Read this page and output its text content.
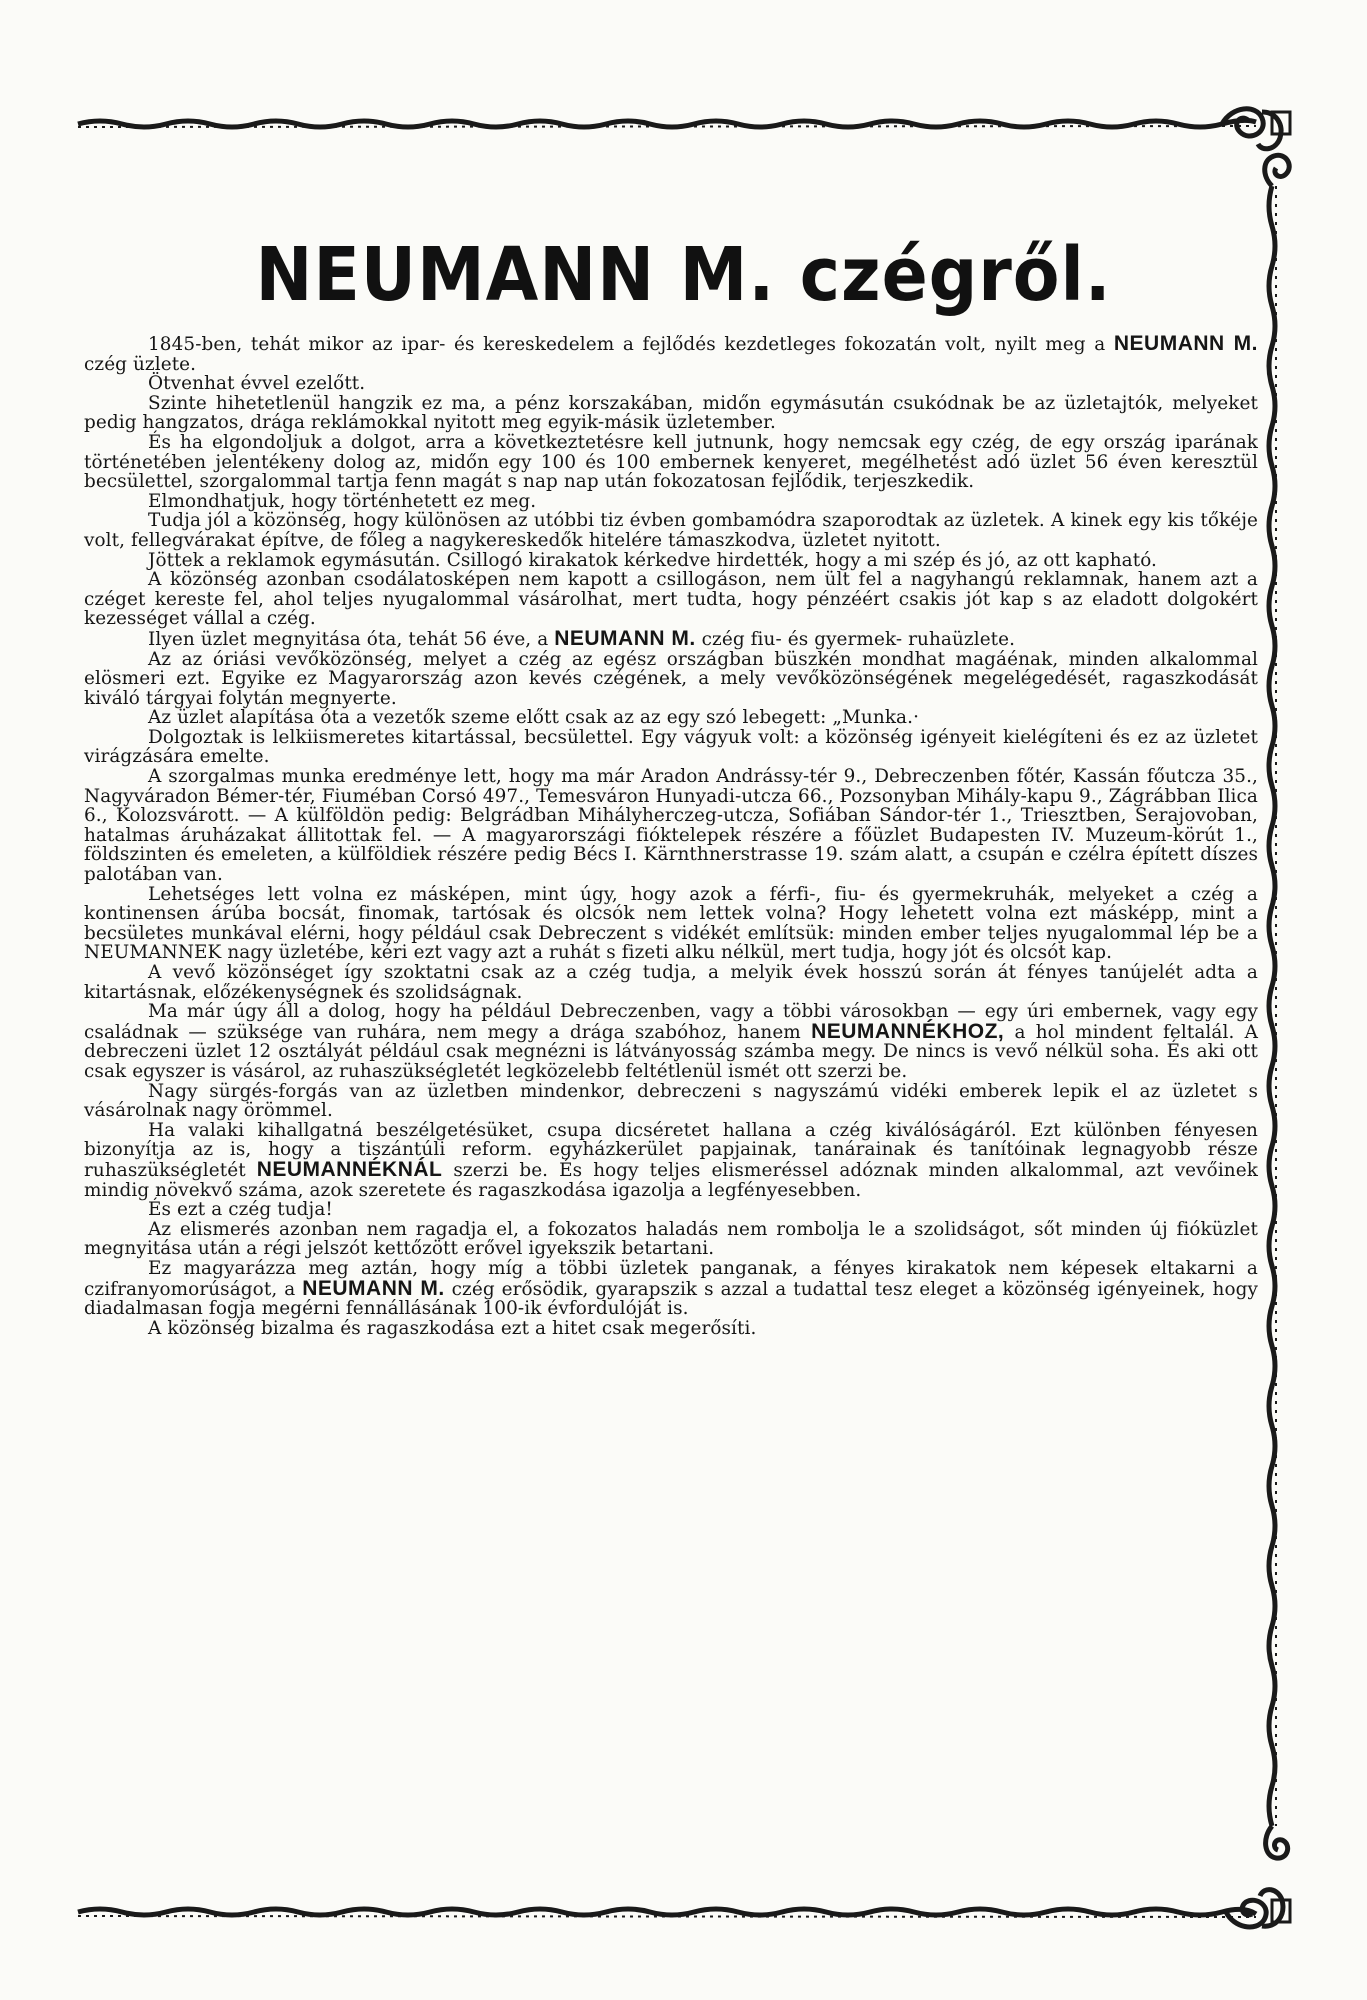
NEUMANN M. czégről.

1845-ben, tehát mikor az ipar- és kereskedelem a fejlődés kezdetleges fokozatán volt, nyilt meg a NEUMANN M. czég üzlete.

Ötvenhat évvel ezelőtt.

Szinte hihetetlenül hangzik ez ma, a pénz korszakában, midőn egymásután csukódnak be az üzletajtók, melyeket pedig hangzatos, drága reklámokkal nyitott meg egyik-másik üzletember.

És ha elgondoljuk a dolgot, arra a következtetésre kell jutnunk, hogy nemcsak egy czég, de egy ország iparának történetében jelentékeny dolog az, midőn egy 100 és 100 embernek kenyeret, megélhetést adó üzlet 56 éven keresztül becsülettel, szorgalommal tartja fenn magát s nap nap után fokozatosan fejlődik, terjeszkedik.

Elmondhatjuk, hogy történhetett ez meg.

Tudja jól a közönség, hogy különösen az utóbbi tiz évben gombamódra szaporodtak az üzletek. A kinek egy kis tőkéje volt, fellegvárakat építve, de főleg a nagykereskedők hitelére támaszkodva, üzletet nyitott.

Jöttek a reklamok egymásután. Csillogó kirakatok kérkedve hirdették, hogy a mi szép és jó, az ott kapható.

A közönség azonban csodálatosképen nem kapott a csillogáson, nem ült fel a nagyhangú reklamnak, hanem azt a czéget kereste fel, ahol teljes nyugalommal vásárolhat, mert tudta, hogy pénzéért csakis jót kap s az eladott dolgokért kezességet vállal a czég.

Ilyen üzlet megnyitása óta, tehát 56 éve, a NEUMANN M. czég fiu- és gyermek- ruhaüzlete.

Az az óriási vevőközönség, melyet a czég az egész országban büszkén mondhat magáénak, minden alkalommal elösmeri ezt. Egyike ez Magyarország azon kevés czégének, a mely vevőközönségének megelégedését, ragaszkodását kiváló tárgyai folytán megnyerte.

Az üzlet alapítása óta a vezetők szeme előtt csak az az egy szó lebegett: „Munka.·

Dolgoztak is lelkiismeretes kitartással, becsülettel. Egy vágyuk volt: a közönség igényeit kielégíteni és ez az üzletet virágzására emelte.

A szorgalmas munka eredménye lett, hogy ma már Aradon Andrássy-tér 9., Debreczenben főtér, Kassán főutcza 35., Nagyváradon Bémer-tér, Fiuméban Corsó 497., Temesváron Hunyadi-utcza 66., Pozsonyban Mihály-kapu 9., Zágrábban Ilica 6., Kolozsvárott. — A külföldön pedig: Belgrádban Mihályherczeg-utcza, Sofiában Sándor-tér 1., Triesztben, Serajovoban, hatalmas áruházakat állitottak fel. — A magyarországi fióktelepek részére a főüzlet Budapesten IV. Muzeum-körút 1., földszinten és emeleten, a külföldiek részére pedig Bécs I. Kärnthnerstrasse 19. szám alatt, a csupán e czélra épített díszes palotában van.

Lehetséges lett volna ez másképen, mint úgy, hogy azok a férfi-, fiu- és gyermekruhák, melyeket a czég a kontinensen árúba bocsát, finomak, tartósak és olcsók nem lettek volna? Hogy lehetett volna ezt másképp, mint a becsületes munkával elérni, hogy például csak Debreczent s vidékét említsük: minden ember teljes nyugalommal lép be a NEUMANNEK nagy üzletébe, kéri ezt vagy azt a ruhát s fizeti alku nélkül, mert tudja, hogy jót és olcsót kap.

A vevő közönséget így szoktatni csak az a czég tudja, a melyik évek hosszú során át fényes tanújelét adta a kitartásnak, előzékenységnek és szolidságnak.

Ma már úgy áll a dolog, hogy ha például Debreczenben, vagy a többi városokban — egy úri embernek, vagy egy családnak — szüksége van ruhára, nem megy a drága szabóhoz, hanem NEUMANNÉKHOZ, a hol mindent feltalál. A debreczeni üzlet 12 osztályát például csak megnézni is látványosság számba megy. De nincs is vevő nélkül soha. És aki ott csak egyszer is vásárol, az ruhaszükségletét legközelebb feltétlenül ismét ott szerzi be.

Nagy sürgés-forgás van az üzletben mindenkor, debreczeni s nagyszámú vidéki emberek lepik el az üzletet s vásárolnak nagy örömmel.

Ha valaki kihallgatná beszélgetésüket, csupa dicséretet hallana a czég kiválóságáról. Ezt különben fényesen bizonyítja az is, hogy a tiszántúli reform. egyházkerület papjainak, tanárainak és tanítóinak legnagyobb része ruhaszükségletét NEUMANNÉKNÁL szerzi be. És hogy teljes elismeréssel adóznak minden alkalommal, azt vevőinek mindig növekvő száma, azok szeretete és ragaszkodása igazolja a legfényesebben.

És ezt a czég tudja!

Az elismerés azonban nem ragadja el, a fokozatos haladás nem rombolja le a szolidságot, sőt minden új fióküzlet megnyitása után a régi jelszót kettőzött erővel igyekszik betartani.

Ez magyarázza meg aztán, hogy míg a többi üzletek panganak, a fényes kirakatok nem képesek eltakarni a czifranyomorúságot, a NEUMANN M. czég erősödik, gyarapszik s azzal a tudattal tesz eleget a közönség igényeinek, hogy diadalmasan fogja megérni fennállásának 100-ik évfordulóját is.

A közönség bizalma és ragaszkodása ezt a hitet csak megerősíti.
